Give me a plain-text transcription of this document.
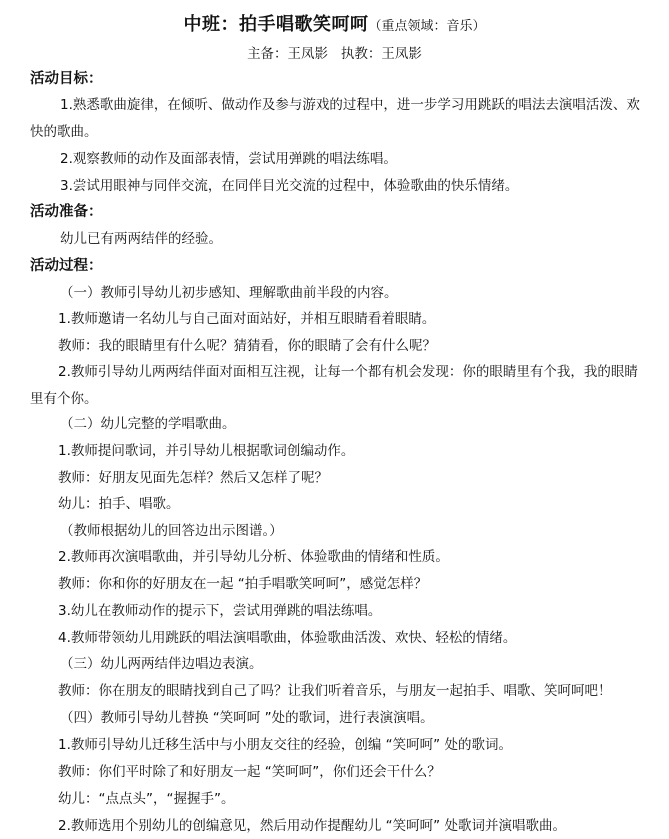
中班：拍手唱歌笑呵呵（重点领域：音乐）
主备：王凤影   执教：王凤影
活动目标：
1.熟悉歌曲旋律，在倾听、做动作及参与游戏的过程中，进一步学习用跳跃的唱法去演唱活泼、欢快的歌曲。
2.观察教师的动作及面部表情，尝试用弹跳的唱法练唱。
3.尝试用眼神与同伴交流，在同伴目光交流的过程中，体验歌曲的快乐情绪。
活动准备：
幼儿已有两两结伴的经验。
活动过程：
（一）教师引导幼儿初步感知、理解歌曲前半段的内容。
1.教师邀请一名幼儿与自己面对面站好，并相互眼睛看着眼睛。
教师：我的眼睛里有什么呢？猜猜看，你的眼睛了会有什么呢？
2.教师引导幼儿两两结伴面对面相互注视，让每一个都有机会发现：你的眼睛里有个我，我的眼睛里有个你。
（二）幼儿完整的学唱歌曲。
1.教师提问歌词，并引导幼儿根据歌词创编动作。
教师：好朋友见面先怎样？然后又怎样了呢？
幼儿：拍手、唱歌。
（教师根据幼儿的回答边出示图谱。）
2.教师再次演唱歌曲，并引导幼儿分析、体验歌曲的情绪和性质。
教师：你和你的好朋友在一起 “拍手唱歌笑呵呵”，感觉怎样？
3.幼儿在教师动作的提示下，尝试用弹跳的唱法练唱。
4.教师带领幼儿用跳跃的唱法演唱歌曲，体验歌曲活泼、欢快、轻松的情绪。
（三）幼儿两两结伴边唱边表演。
教师：你在朋友的眼睛找到自己了吗？让我们听着音乐，与朋友一起拍手、唱歌、笑呵呵吧！
（四）教师引导幼儿替换 “笑呵呵 ”处的歌词，进行表演演唱。
1.教师引导幼儿迁移生活中与小朋友交往的经验，创编 “笑呵呵” 处的歌词。
教师：你们平时除了和好朋友一起 “笑呵呵”，你们还会干什么？
幼儿：“点点头”，“握握手”。
2.教师选用个别幼儿的创编意见，然后用动作提醒幼儿 “笑呵呵” 处歌词并演唱歌曲。
